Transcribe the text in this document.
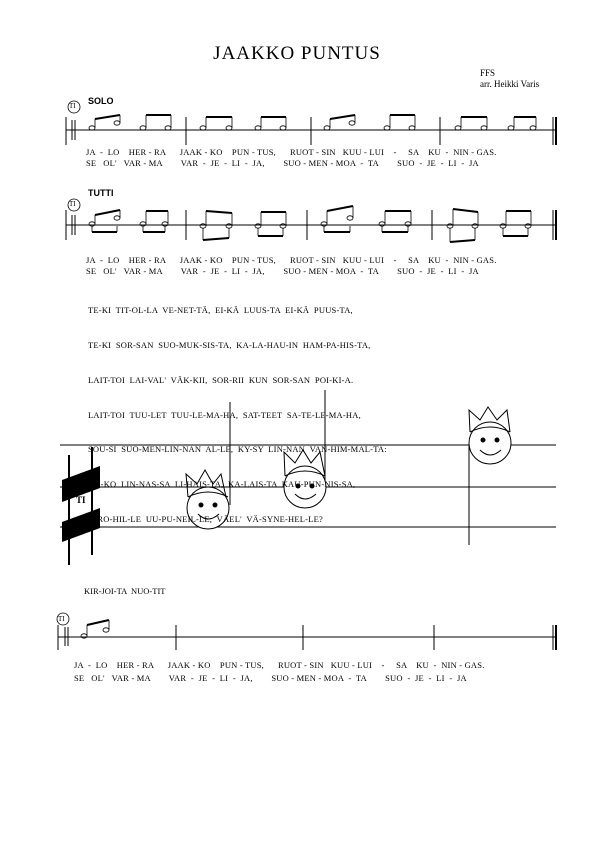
JAAKKO PUNTUS
FFS
arr. Heikki Varis
SOLO
TUTTI
TI
TI
TI
TI
JA  -  LO    HER - RA      JAAK - KO    PUN - TUS,      RUOT - SIN   KUU - LUI    -     SA    KU  -  NIN - GAS.
SE   OL'   VAR - MA        VAR  -  JE  -  LI  -  JA,        SUO - MEN - MOA  -  TA        SUO  -  JE  -  LI  -  JA
JA  -  LO    HER - RA      JAAK - KO    PUN - TUS,      RUOT - SIN   KUU - LUI    -     SA    KU  -  NIN - GAS.
SE   OL'   VAR - MA        VAR  -  JE  -  LI  -  JA,        SUO - MEN - MOA  -  TA        SUO  -  JE  -  LI  -  JA

TE-KI  TIT-OL-LA  VE-NET-TÄ,  EI-KÄ  LUUS-TA  EI-KÄ  PUUS-TA,

TE-KI  SOR-SAN  SUO-MUK-SIS-TA,  KA-LA-HAU-IN  HAM-PA-HIS-TA,

LAIT-TOI  LAI-VAL'  VÄK-KII,  SOR-RII  KUN  SOR-SAN  POI-KI-A.

LAIT-TOI  TUU-LET  TUU-LE-MA-HA,  SAT-TEET  SA-TE-LE-MA-HA,

SOU-SI  SUO-MEN-LIN-NAN  AL-LE,  KY-SY  LIN-NAN  VAN-HIM-MAL-TA:

ON-KO  LIN-NAS-SA  LI-HAIS-TA,  KA-LAIS-TA  KAU-PUN-NIS-SA,

U-RO-HIL-LE  UU-PU-NEIL-LE,  VÄEL'  VÄ-SYNE-HEL-LE?

KIR-JOI-TA  NUO-TIT
JA  -  LO    HER - RA      JAAK - KO    PUN - TUS,      RUOT - SIN   KUU - LUI    -     SA    KU  -  NIN - GAS.
SE   OL'   VAR - MA        VAR  -  JE  -  LI  -  JA,        SUO - MEN - MOA  -  TA        SUO  -  JE  -  LI  -  JA
